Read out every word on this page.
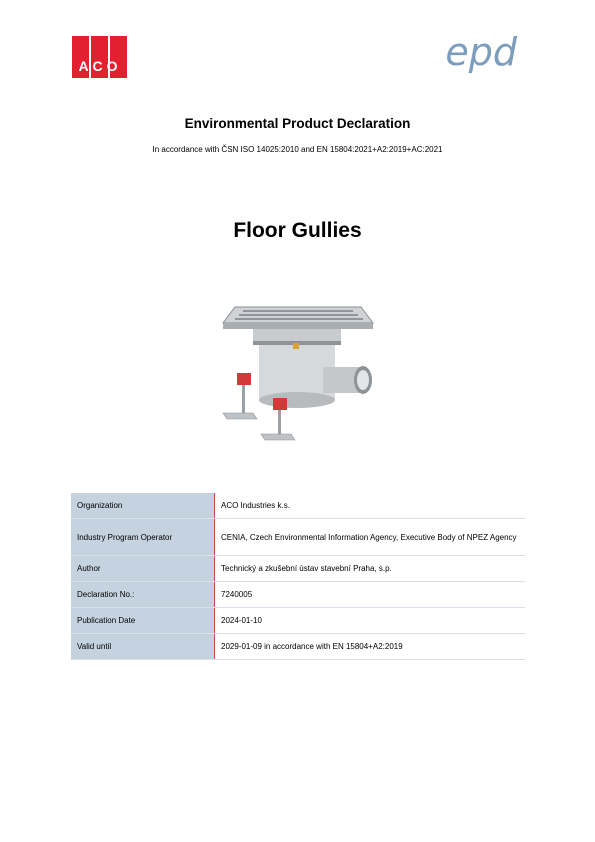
ACO	epd
Environmental Product Declaration
In accordance with ČSN ISO 14025:2010 and EN 15804:2021+A2:2019+AC:2021
Floor Gullies
Organization	ACO Industries k.s.
Industry Program Operator	CENIA, Czech Environmental Information Agency, Executive Body of NPEZ Agency
Author	Technický a zkušební ústav stavební Praha, s.p.
Declaration No.:	7240005
Publication Date	2024-01-10
Valid until	2029-01-09 in accordance with EN 15804+A2:2019
